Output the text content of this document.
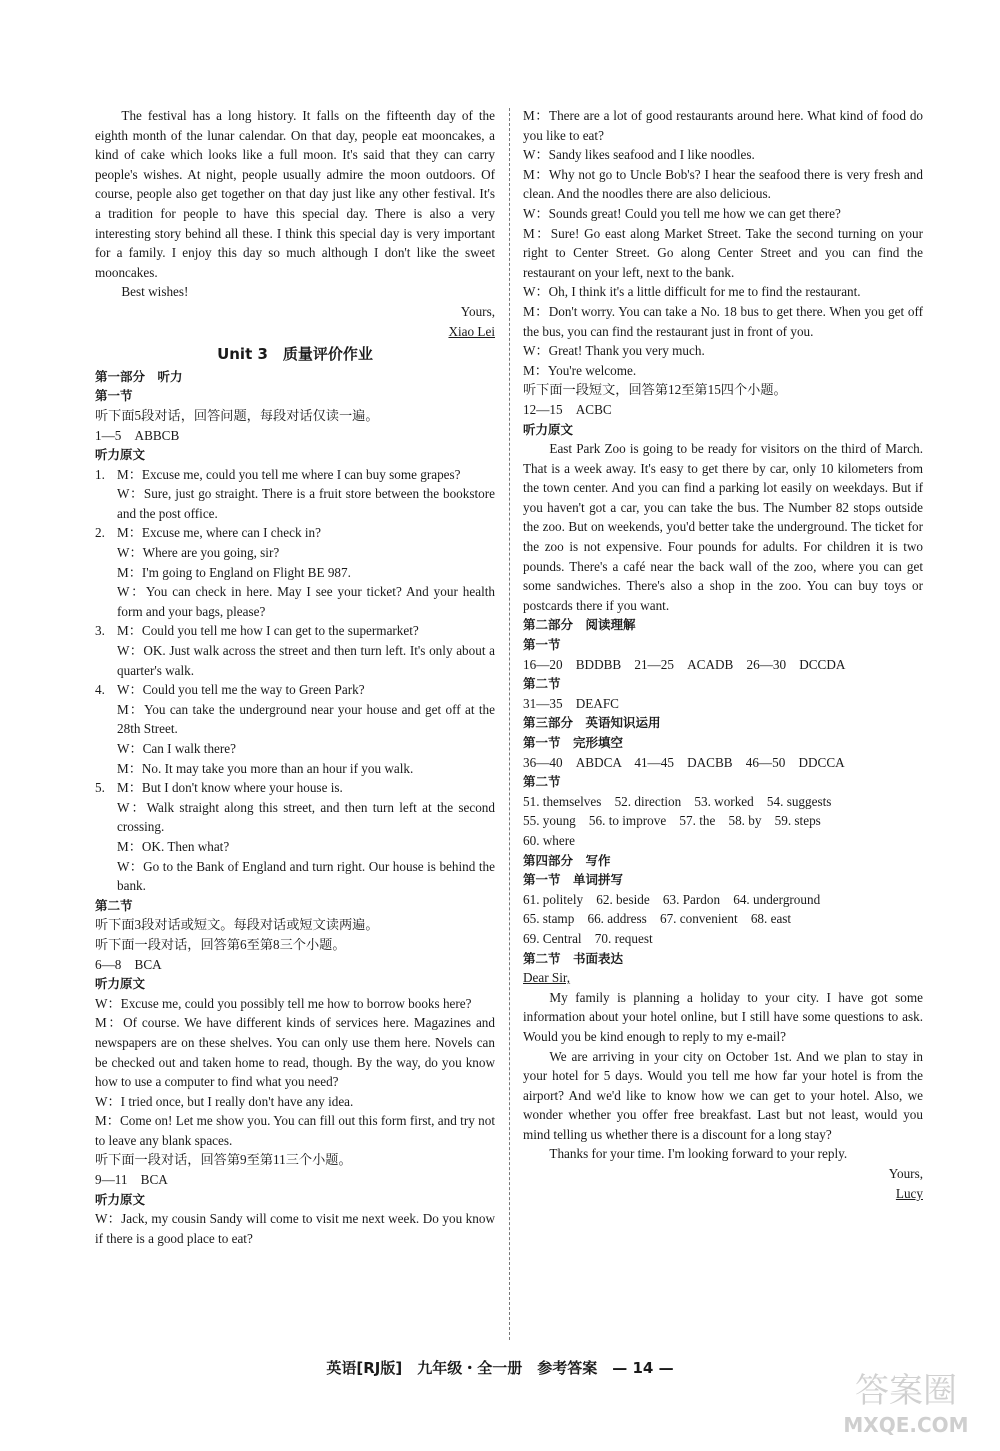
The festival has a long history. It falls on the fifteenth day of the eighth month of the lunar calendar. On that day, people eat mooncakes, a kind of cake which looks like a full moon. It's said that they can carry people's wishes. At night, people usually admire the moon outdoors. Of course, people also get together on that day just like any other festival. It's a tradition for people to have this special day. There is also a very interesting story behind all these. I think this special day is very important for a family. I enjoy this day so much although I don't like the sweet mooncakes.

Best wishes!

Yours,

Xiao Lei

Unit 3　质量评价作业

第一部分　听力

第一节

听下面5段对话，回答问题，每段对话仅读一遍。

1—5　ABBCB

听力原文

1. M：Excuse me, could you tell me where I can buy some grapes?
W：Sure, just go straight. There is a fruit store between the bookstore and the post office.
2. M：Excuse me, where can I check in?
W：Where are you going, sir?
M：I'm going to England on Flight BE 987.
W：You can check in here. May I see your ticket? And your health form and your bags, please?
3. M：Could you tell me how I can get to the supermarket?
W：OK. Just walk across the street and then turn left. It's only about a quarter's walk.
4. W：Could you tell me the way to Green Park?
M：You can take the underground near your house and get off at the 28th Street.
W：Can I walk there?
M：No. It may take you more than an hour if you walk.
5. M：But I don't know where your house is.
W：Walk straight along this street, and then turn left at the second crossing.
M：OK. Then what?
W：Go to the Bank of England and turn right. Our house is behind the bank.

第二节

听下面3段对话或短文。每段对话或短文读两遍。

听下面一段对话，回答第6至第8三个小题。

6—8　BCA

听力原文

W：Excuse me, could you possibly tell me how to borrow books here?

M：Of course. We have different kinds of services here. Magazines and newspapers are on these shelves. You can only use them here. Novels can be checked out and taken home to read, though. By the way, do you know how to use a computer to find what you need?

W：I tried once, but I really don't have any idea.

M：Come on! Let me show you. You can fill out this form first, and try not to leave any blank spaces.

听下面一段对话，回答第9至第11三个小题。

9—11　BCA

听力原文

W：Jack, my cousin Sandy will come to visit me next week. Do you know if there is a good place to eat?

M：There are a lot of good restaurants around here. What kind of food do you like to eat?

W：Sandy likes seafood and I like noodles.

M：Why not go to Uncle Bob's? I hear the seafood there is very fresh and clean. And the noodles there are also delicious.

W：Sounds great! Could you tell me how we can get there?

M：Sure! Go east along Market Street. Take the second turning on your right to Center Street. Go along Center Street and you can find the restaurant on your left, next to the bank.

W：Oh, I think it's a little difficult for me to find the restaurant.

M：Don't worry. You can take a No. 18 bus to get there. When you get off the bus, you can find the restaurant just in front of you.

W：Great! Thank you very much.

M：You're welcome.

听下面一段短文，回答第12至第15四个小题。

12—15　ACBC

听力原文

East Park Zoo is going to be ready for visitors on the third of March. That is a week away. It's easy to get there by car, only 10 kilometers from the town center. And you can find a parking lot easily on weekdays. But if you haven't got a car, you can take the bus. The Number 82 stops outside the zoo. But on weekends, you'd better take the underground. The ticket for the zoo is not expensive. Four pounds for adults. For children it is two pounds. There's a café near the back wall of the zoo, where you can get some sandwiches. There's also a shop in the zoo. You can buy toys or postcards there if you want.

第二部分　阅读理解

第一节

16—20　BDDBB　21—25　ACADB　26—30　DCCDA

第二节

31—35　DEAFC

第三部分　英语知识运用

第一节　完形填空

36—40　ABDCA　41—45　DACBB　46—50　DDCCA

第二节

51. themselves　52. direction　53. worked　54. suggests

55. young　56. to improve　57. the　58. by　59. steps

60. where

第四部分　写作

第一节　单词拼写

61. politely　62. beside　63. Pardon　64. underground

65. stamp　66. address　67. convenient　68. east

69. Central　70. request

第二节　书面表达

Dear Sir,

My family is planning a holiday to your city. I have got some information about your hotel online, but I still have some questions to ask. Would you be kind enough to reply to my e-mail?

We are arriving in your city on October 1st. And we plan to stay in your hotel for 5 days. Would you tell me how far your hotel is from the airport? And we'd like to know how we can get to your hotel. Also, we wonder whether you offer free breakfast. Last but not least, would you mind telling us whether there is a discount for a long stay?

Thanks for your time. I'm looking forward to your reply.

Yours,

Lucy

英语[RJ版]　九年级・全一册　参考答案　— 14 —
答案圈
MXQE.COM
